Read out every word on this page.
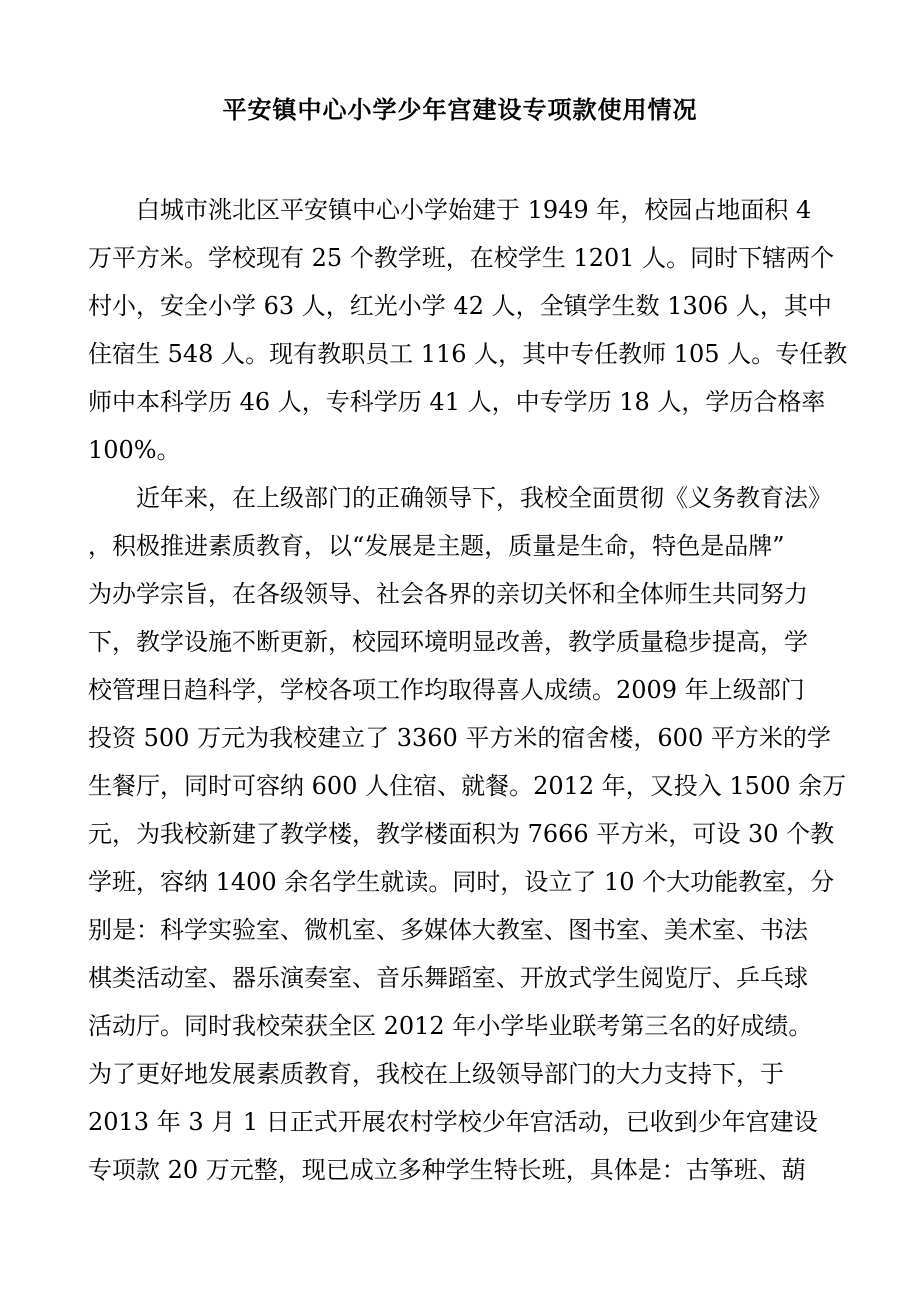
平安镇中心小学少年宫建设专项款使用情况
　　白城市洮北区平安镇中心小学始建于 1949 年，校园占地面积 4
万平方米。学校现有 25 个教学班，在校学生 1201 人。同时下辖两个
村小，安全小学 63 人，红光小学 42 人，全镇学生数 1306 人，其中
住宿生 548 人。现有教职员工 116 人，其中专任教师 105 人。专任教
师中本科学历 46 人，专科学历 41 人，中专学历 18 人，学历合格率
100%。
　　近年来，在上级部门的正确领导下，我校全面贯彻《义务教育法》
，积极推进素质教育，以“发展是主题，质量是生命，特色是品牌”
为办学宗旨，在各级领导、社会各界的亲切关怀和全体师生共同努力
下，教学设施不断更新，校园环境明显改善，教学质量稳步提高，学
校管理日趋科学，学校各项工作均取得喜人成绩。2009 年上级部门
投资 500 万元为我校建立了 3360 平方米的宿舍楼，600 平方米的学
生餐厅，同时可容纳 600 人住宿、就餐。2012 年，又投入 1500 余万
元，为我校新建了教学楼，教学楼面积为 7666 平方米，可设 30 个教
学班，容纳 1400 余名学生就读。同时，设立了 10 个大功能教室，分
别是：科学实验室、微机室、多媒体大教室、图书室、美术室、书法
棋类活动室、器乐演奏室、音乐舞蹈室、开放式学生阅览厅、乒乓球
活动厅。同时我校荣获全区 2012 年小学毕业联考第三名的好成绩。
为了更好地发展素质教育，我校在上级领导部门的大力支持下，于
2013 年 3 月 1 日正式开展农村学校少年宫活动，已收到少年宫建设
专项款 20 万元整，现已成立多种学生特长班，具体是：古筝班、葫
